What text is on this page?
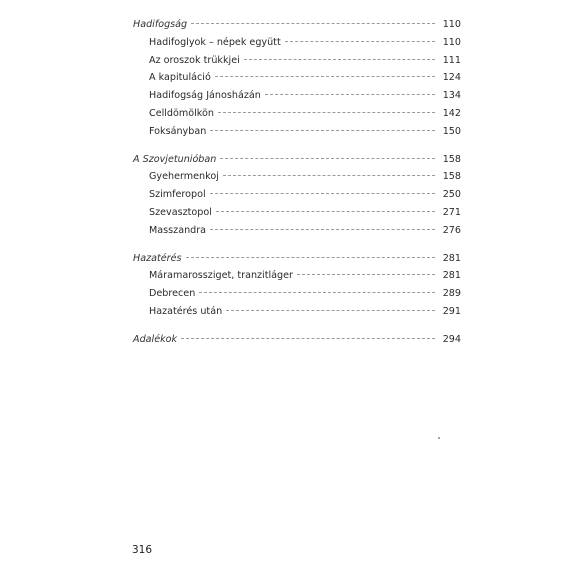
Hadifogság	110
Hadifoglyok – népek együtt	110
Az oroszok trükkjei	111
A kapituláció	124
Hadifogság Jánosházán	134
Celldömölkön	142
Foksányban	150
A Szovjetunióban	158
Gyehermenkoj	158
Szimferopol	250
Szevasztopol	271
Masszandra	276
Hazatérés	281
Máramarossziget, tranzitláger	281
Debrecen	289
Hazatérés után	291
Adalékok	294
316
